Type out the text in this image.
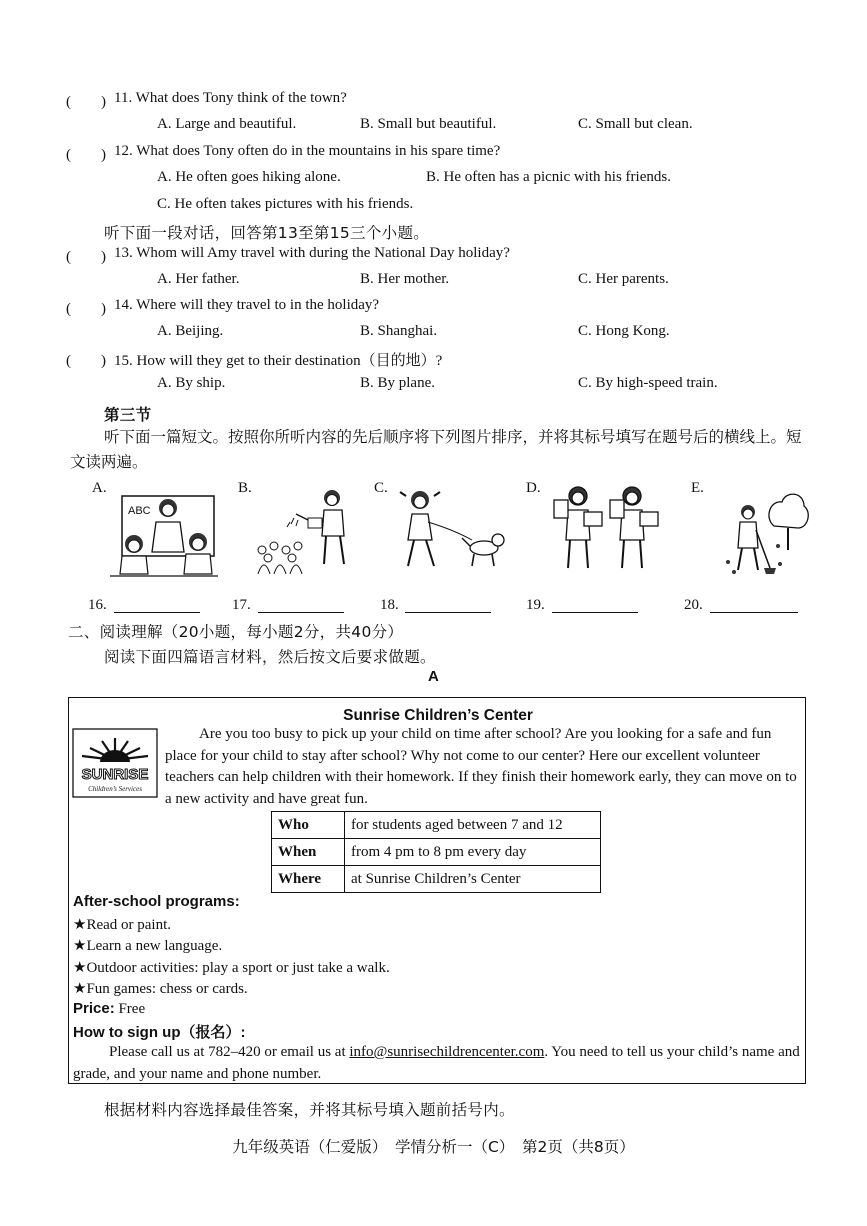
(　　) 11. What does Tony think of the town?
A. Large and beautiful.	B. Small but beautiful.	C. Small but clean.
(　　) 12. What does Tony often do in the mountains in his spare time?
A. He often goes hiking alone.	B. He often has a picnic with his friends.
C. He often takes pictures with his friends.
听下面一段对话，回答第13至第15三个小题。
(　　) 13. Whom will Amy travel with during the National Day holiday?
A. Her father.	B. Her mother.	C. Her parents.
(　　) 14. Where will they travel to in the holiday?
A. Beijing.	B. Shanghai.	C. Hong Kong.
(　　) 15. How will they get to their destination（目的地）?
A. By ship.	B. By plane.	C. By high-speed train.
第三节
听下面一篇短文。按照你所听内容的先后顺序将下列图片排序，并将其标号填写在题号后的横线上。短文读两遍。
A.
ABC
B.	C.	D.	E.
16.	17.	18.	19.	20.
二、阅读理解（20小题，每小题2分，共40分）
阅读下面四篇语言材料，然后按文后要求做题。
A
Sunrise Children’s Center
SUNRISE
Children’s Services
Are you too busy to pick up your child on time after school? Are you looking for a safe and fun place for your child to stay after school? Why not come to our center? Here our excellent volunteer teachers can help children with their homework. If they finish their homework early, they can move on to a new activity and have great fun.
Who	for students aged between 7 and 12
When	from 4 pm to 8 pm every day
Where	at Sunrise Children’s Center
After-school programs:
★Read or paint.
★Learn a new language.
★Outdoor activities: play a sport or just take a walk.
★Fun games: chess or cards.
Price: Free
How to sign up（报名）:
Please call us at 782–420 or email us at info@sunrisechildrencenter.com. You need to tell us your child’s name and grade, and your name and phone number.
根据材料内容选择最佳答案，并将其标号填入题前括号内。
九年级英语（仁爱版）　学情分析一（C）　第2页（共8页）
